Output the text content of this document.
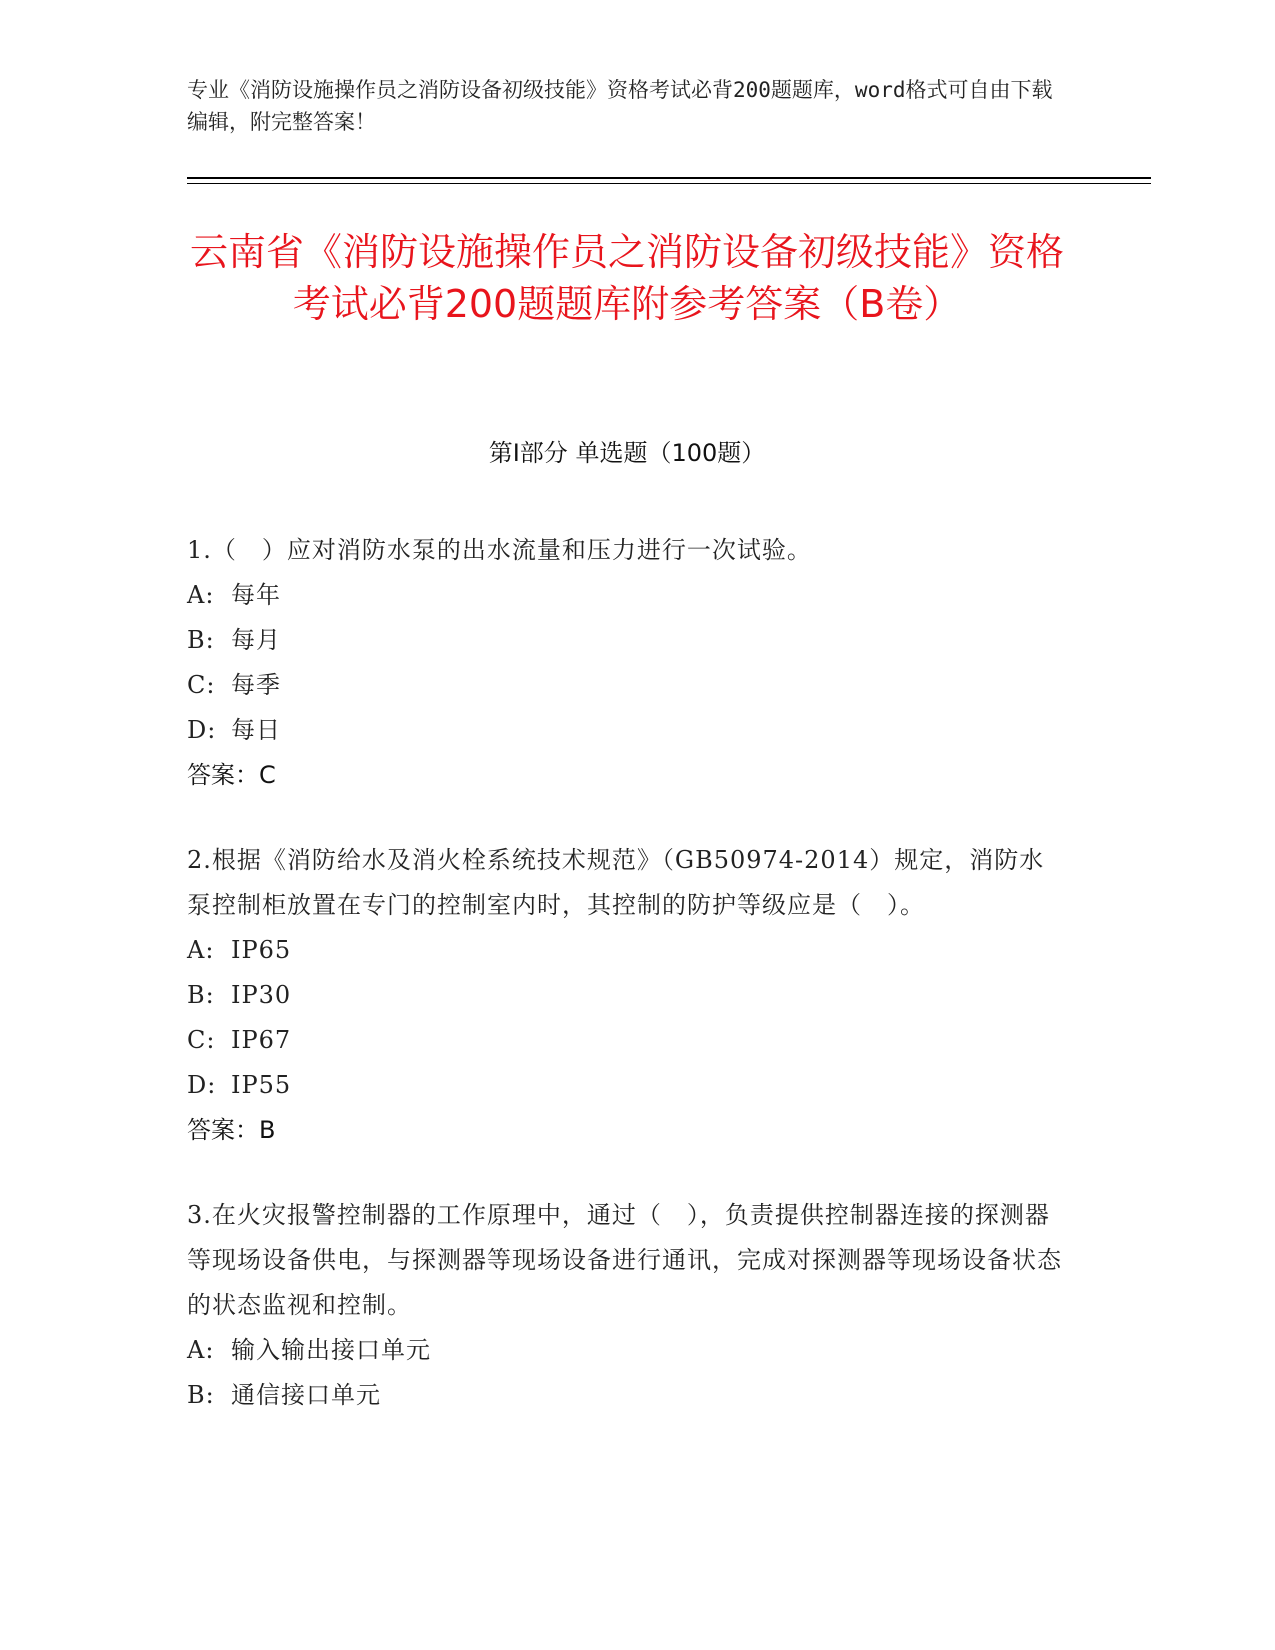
专业《消防设施操作员之消防设备初级技能》资格考试必背200题题库，word格式可自由下载编辑，附完整答案！
云南省《消防设施操作员之消防设备初级技能》资格考试必背200题题库附参考答案（B卷）
第Ⅰ部分 单选题（100题）
1.（　）应对消防水泵的出水流量和压力进行一次试验。
A: 每年
B: 每月
C: 每季
D: 每日
答案：C
2.根据《消防给水及消火栓系统技术规范》（GB50974-2014）规定，消防水泵控制柜放置在专门的控制室内时，其控制的防护等级应是（　）。
A: IP65
B: IP30
C: IP67
D: IP55
答案：B
3.在火灾报警控制器的工作原理中，通过（　），负责提供控制器连接的探测器等现场设备供电，与探测器等现场设备进行通讯，完成对探测器等现场设备状态的状态监视和控制。
A: 输入输出接口单元
B: 通信接口单元
